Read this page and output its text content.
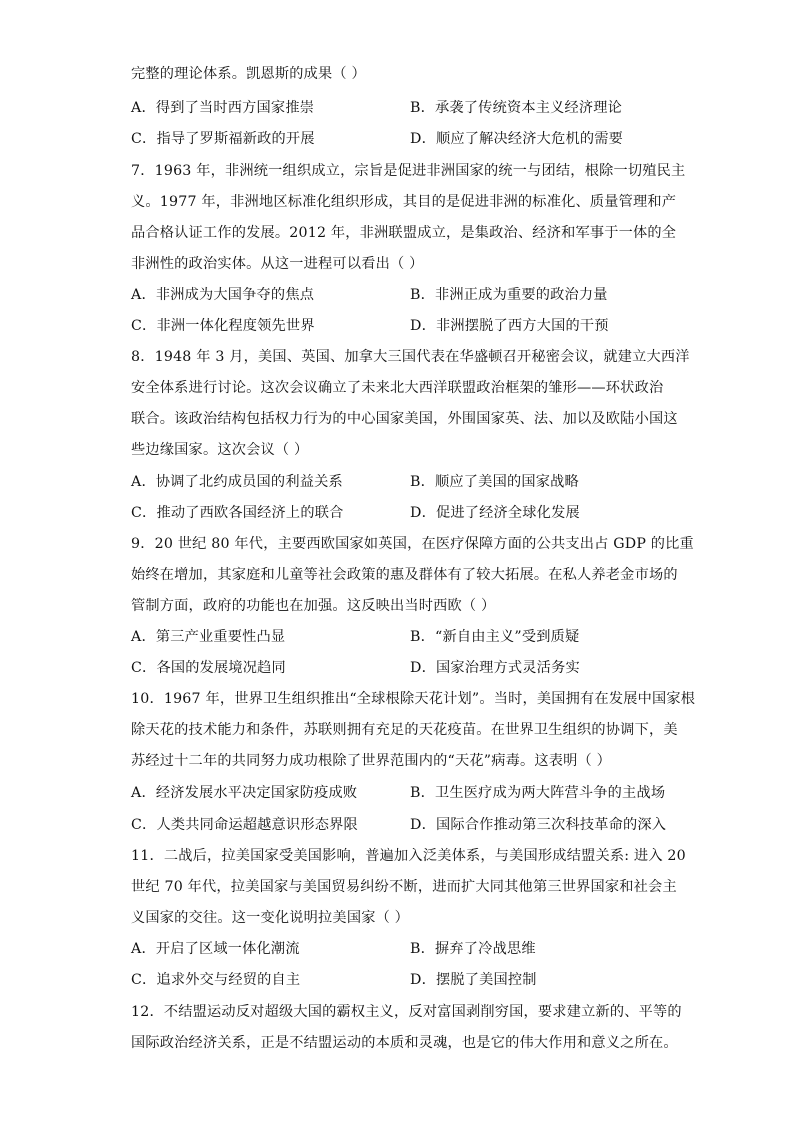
完整的理论体系。凯恩斯的成果（ ）
A．得到了当时西方国家推崇	B．承袭了传统资本主义经济理论
C．指导了罗斯福新政的开展	D．顺应了解决经济大危机的需要
7．1963 年，非洲统一组织成立，宗旨是促进非洲国家的统一与团结，根除一切殖民主
义。1977 年，非洲地区标准化组织形成，其目的是促进非洲的标准化、质量管理和产
品合格认证工作的发展。2012 年，非洲联盟成立，是集政治、经济和军事于一体的全
非洲性的政治实体。从这一进程可以看出（ ）
A．非洲成为大国争夺的焦点	B．非洲正成为重要的政治力量
C．非洲一体化程度领先世界	D．非洲摆脱了西方大国的干预
8．1948 年 3 月，美国、英国、加拿大三国代表在华盛顿召开秘密会议，就建立大西洋
安全体系进行讨论。这次会议确立了未来北大西洋联盟政治框架的雏形——环状政治
联合。该政治结构包括权力行为的中心国家美国，外围国家英、法、加以及欧陆小国这
些边缘国家。这次会议（ ）
A．协调了北约成员国的利益关系	B．顺应了美国的国家战略
C．推动了西欧各国经济上的联合	D．促进了经济全球化发展
9．20 世纪 80 年代，主要西欧国家如英国，在医疗保障方面的公共支出占 GDP 的比重
始终在增加，其家庭和儿童等社会政策的惠及群体有了较大拓展。在私人养老金市场的
管制方面，政府的功能也在加强。这反映出当时西欧（ ）
A．第三产业重要性凸显	B．“新自由主义”受到质疑
C．各国的发展境况趋同	D．国家治理方式灵活务实
10．1967 年，世界卫生组织推出“全球根除天花计划”。当时，美国拥有在发展中国家根
除天花的技术能力和条件，苏联则拥有充足的天花疫苗。在世界卫生组织的协调下，美
苏经过十二年的共同努力成功根除了世界范围内的“天花”病毒。这表明（ ）
A．经济发展水平决定国家防疫成败	B．卫生医疗成为两大阵营斗争的主战场
C．人类共同命运超越意识形态界限	D．国际合作推动第三次科技革命的深入
11．二战后，拉美国家受美国影响，普遍加入泛美体系，与美国形成结盟关系: 进入 20
世纪 70 年代，拉美国家与美国贸易纠纷不断，进而扩大同其他第三世界国家和社会主
义国家的交往。这一变化说明拉美国家（ ）
A．开启了区域一体化潮流	B．摒弃了冷战思维
C．追求外交与经贸的自主	D．摆脱了美国控制
12．不结盟运动反对超级大国的霸权主义，反对富国剥削穷国，要求建立新的、平等的
国际政治经济关系，正是不结盟运动的本质和灵魂，也是它的伟大作用和意义之所在。
